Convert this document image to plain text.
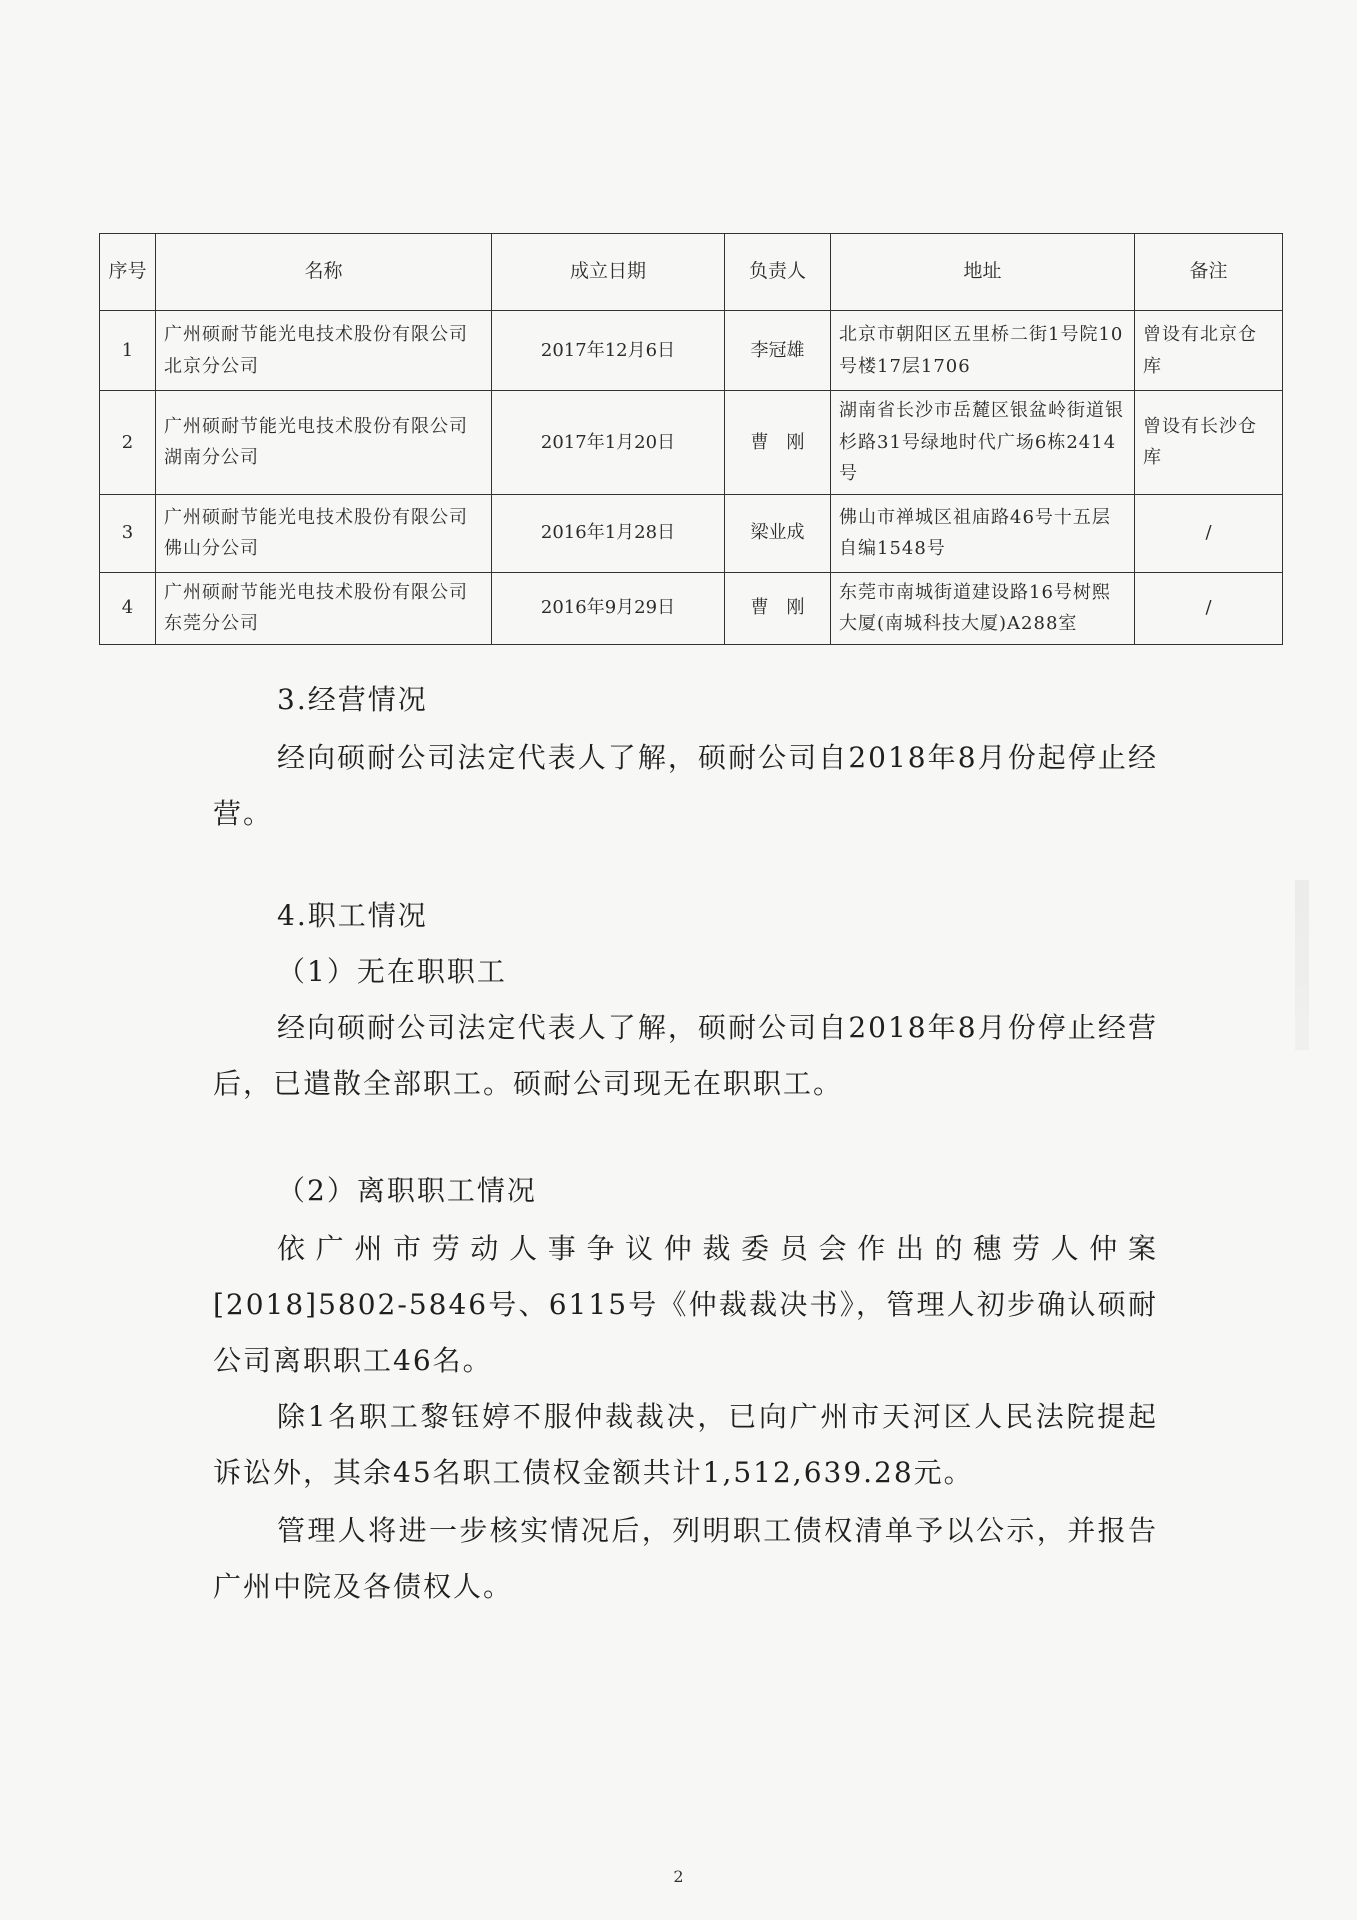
序号	名称	成立日期	负责人	地址	备注
1	广州硕耐节能光电技术股份有限公司北京分公司	2017年12月6日	李冠雄	北京市朝阳区五里桥二街1号院10号楼17层1706	曾设有北京仓库
2	广州硕耐节能光电技术股份有限公司湖南分公司	2017年1月20日	曹　刚	湖南省长沙市岳麓区银盆岭街道银杉路31号绿地时代广场6栋2414号	曾设有长沙仓库
3	广州硕耐节能光电技术股份有限公司佛山分公司	2016年1月28日	梁业成	佛山市禅城区祖庙路46号十五层自编1548号	/
4	广州硕耐节能光电技术股份有限公司东莞分公司	2016年9月29日	曹　刚	东莞市南城街道建设路16号树熙大厦(南城科技大厦)A288室	/

3.经营情况

经向硕耐公司法定代表人了解，硕耐公司自2018年8月份起停止经营。

4.职工情况

（1）无在职职工

经向硕耐公司法定代表人了解，硕耐公司自2018年8月份停止经营后，已遣散全部职工。硕耐公司现无在职职工。

（2）离职职工情况

依广州市劳动人事争议仲裁委员会作出的穗劳人仲案[2018]5802-5846号、6115号《仲裁裁决书》，管理人初步确认硕耐公司离职职工46名。

除1名职工黎钰婷不服仲裁裁决，已向广州市天河区人民法院提起诉讼外，其余45名职工债权金额共计1,512,639.28元。

管理人将进一步核实情况后，列明职工债权清单予以公示，并报告广州中院及各债权人。

2
